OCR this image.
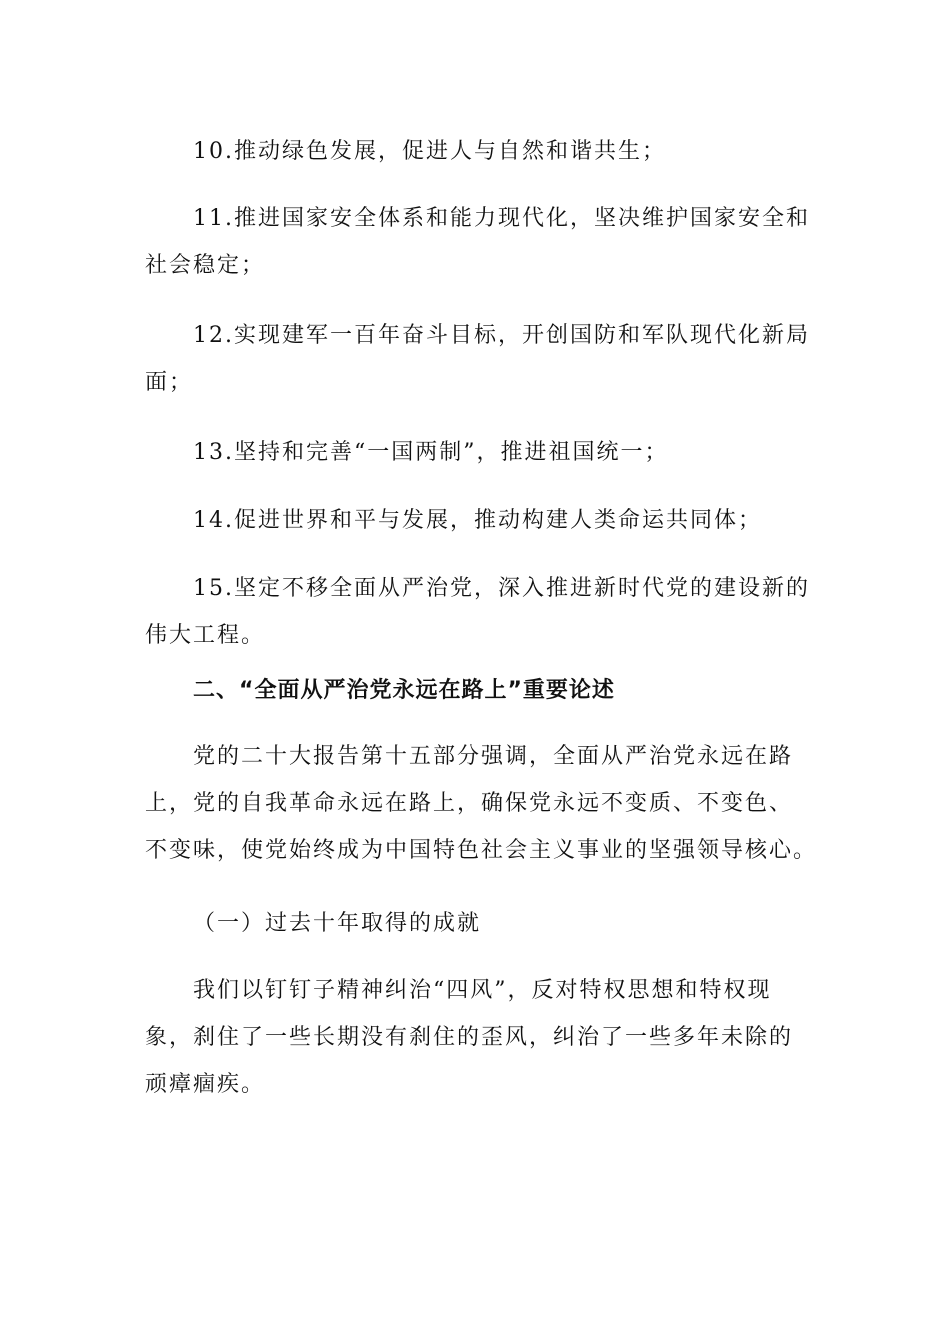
10.推动绿色发展，促进人与自然和谐共生；
11.推进国家安全体系和能力现代化，坚决维护国家安全和
社会稳定；
12.实现建军一百年奋斗目标，开创国防和军队现代化新局
面；
13.坚持和完善“一国两制”，推进祖国统一；
14.促进世界和平与发展，推动构建人类命运共同体；
15.坚定不移全面从严治党，深入推进新时代党的建设新的
伟大工程。
二、“全面从严治党永远在路上”重要论述
党的二十大报告第十五部分强调，全面从严治党永远在路
上，党的自我革命永远在路上，确保党永远不变质、不变色、
不变味，使党始终成为中国特色社会主义事业的坚强领导核心。
（一）过去十年取得的成就
我们以钉钉子精神纠治“四风”，反对特权思想和特权现
象，刹住了一些长期没有刹住的歪风，纠治了一些多年未除的
顽瘴痼疾。
